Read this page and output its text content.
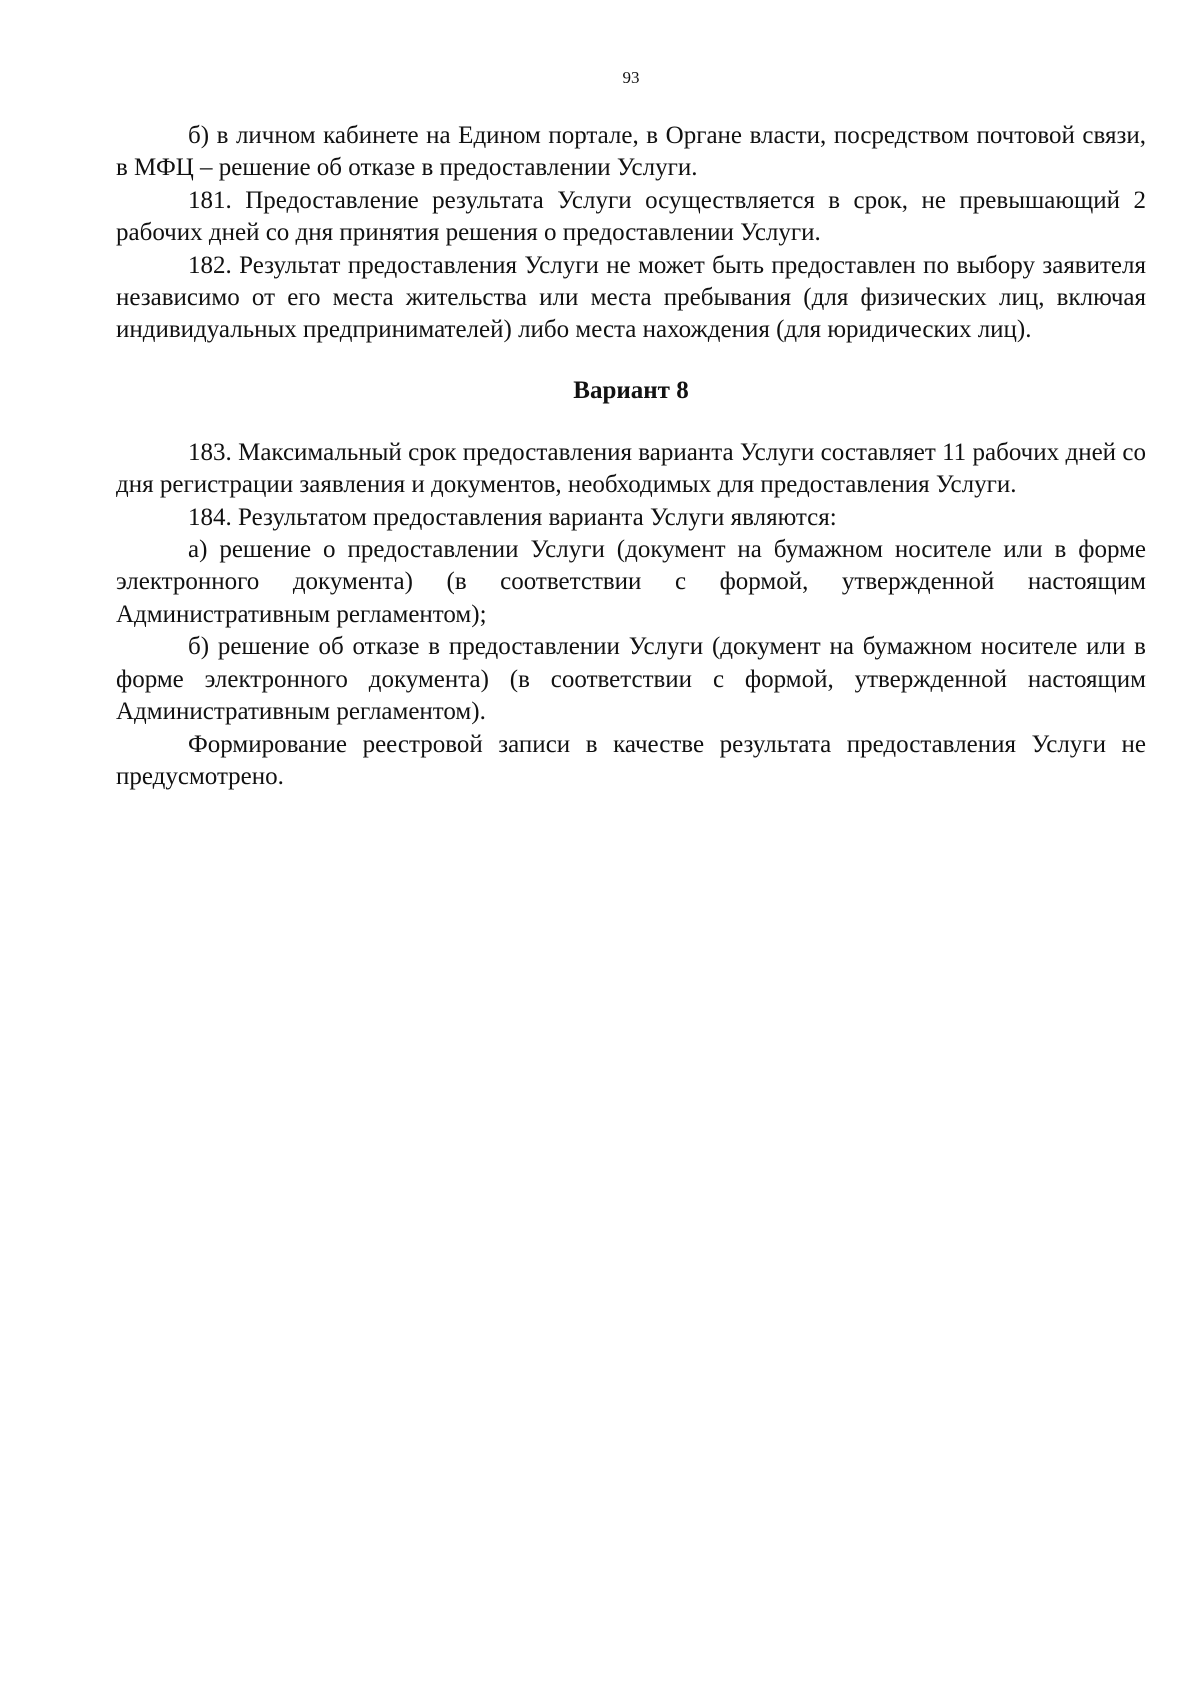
93

б) в личном кабинете на Едином портале, в Органе власти, посредством почтовой связи, в МФЦ – решение об отказе в предоставлении Услуги.

181. Предоставление результата Услуги осуществляется в срок, не превышающий 2 рабочих дней со дня принятия решения о предоставлении Услуги.

182. Результат предоставления Услуги не может быть предоставлен по выбору заявителя независимо от его места жительства или места пребывания (для физических лиц, включая индивидуальных предпринимателей) либо места нахождения (для юридических лиц).

Вариант 8

183. Максимальный срок предоставления варианта Услуги составляет 11 рабочих дней со дня регистрации заявления и документов, необходимых для предоставления Услуги.

184. Результатом предоставления варианта Услуги являются:

а) решение о предоставлении Услуги (документ на бумажном носителе или в форме электронного документа) (в соответствии с формой, утвержденной настоящим Административным регламентом);

б) решение об отказе в предоставлении Услуги (документ на бумажном носителе или в форме электронного документа) (в соответствии с формой, утвержденной настоящим Административным регламентом).

Формирование реестровой записи в качестве результата предоставления Услуги не предусмотрено.
